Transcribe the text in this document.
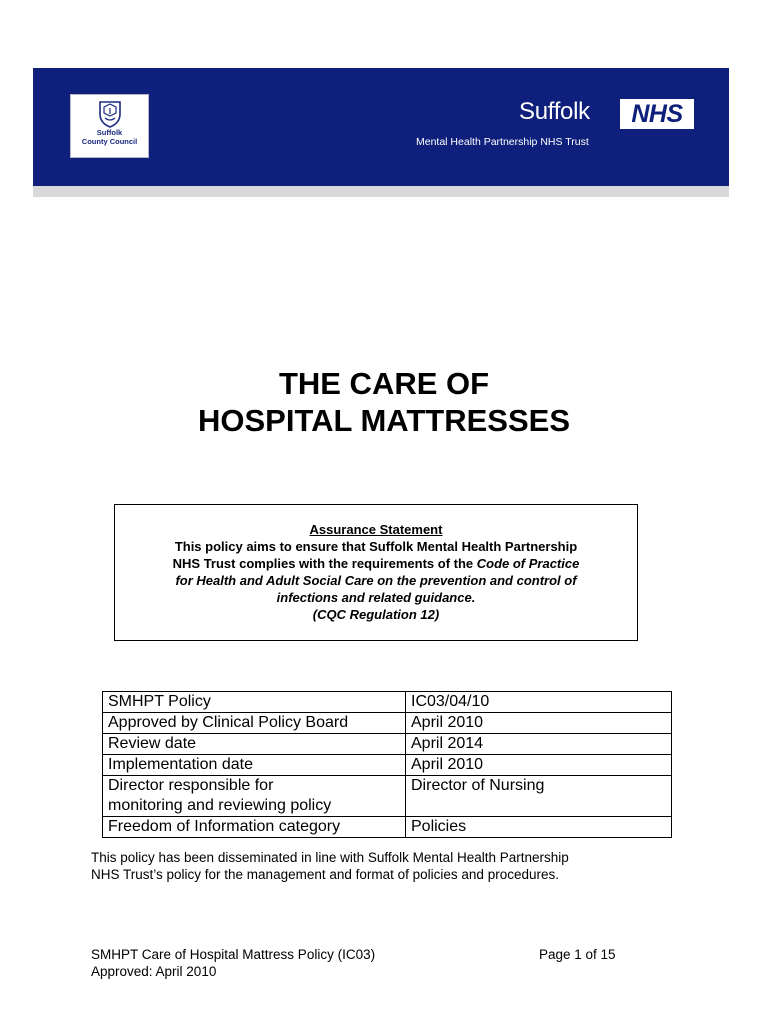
Suffolk
County Council
Suffolk	NHS
Mental Health Partnership NHS Trust
THE CARE OF
HOSPITAL MATTRESSES
Assurance Statement
This policy aims to ensure that Suffolk Mental Health Partnership
NHS Trust complies with the requirements of the Code of Practice
for Health and Adult Social Care on the prevention and control of
infections and related guidance.
(CQC Regulation 12)
SMHPT Policy	IC03/04/10
Approved by Clinical Policy Board	April 2010
Review date	April 2014
Implementation date	April 2010
Director responsible for
monitoring and reviewing policy	Director of Nursing
Freedom of Information category	Policies
This policy has been disseminated in line with Suffolk Mental Health Partnership
NHS Trust’s policy for the management and format of policies and procedures.
SMHPT Care of Hospital Mattress Policy (IC03)	Page 1 of 15
Approved: April 2010
